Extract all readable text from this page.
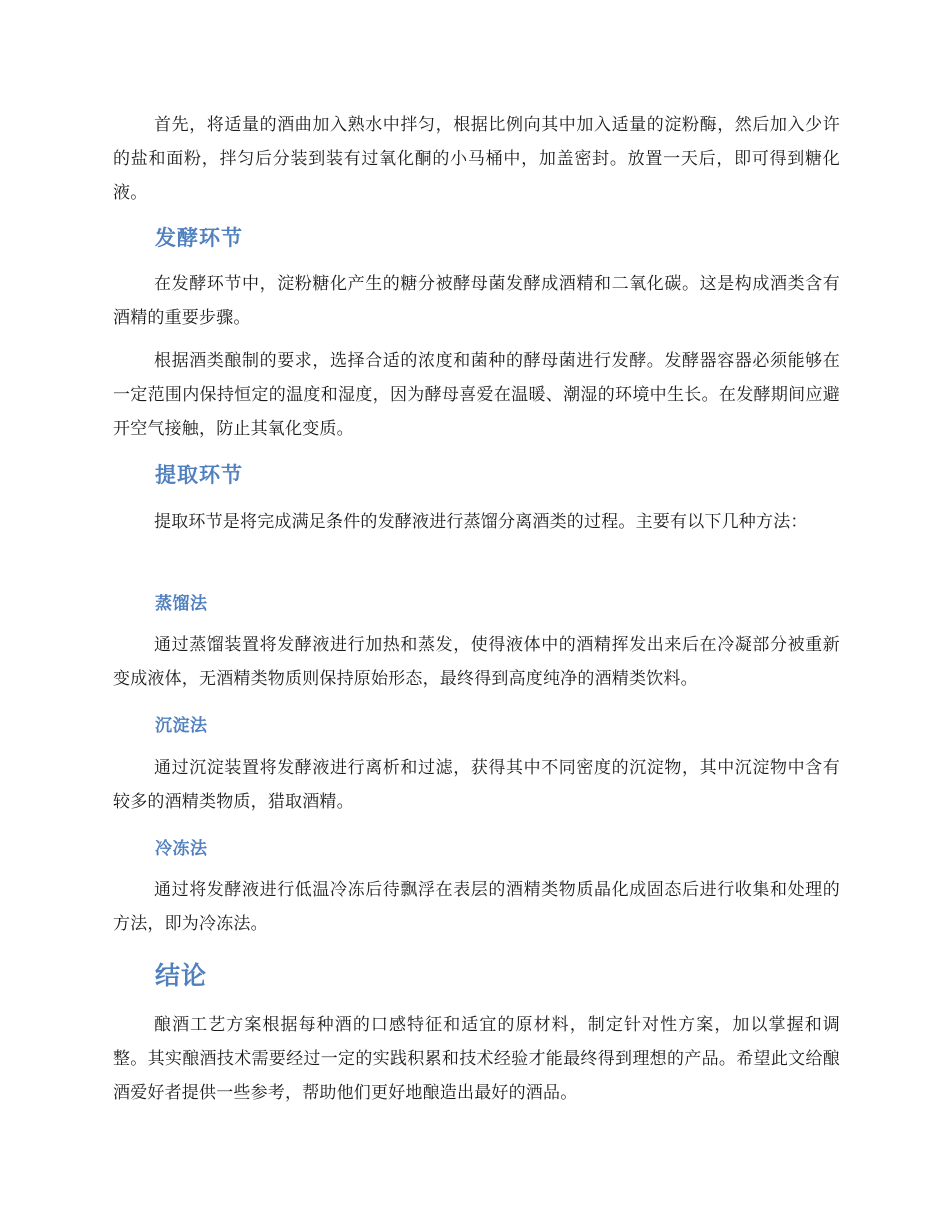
首先，将适量的酒曲加入熟水中拌匀，根据比例向其中加入适量的淀粉酶，然后加入少许的盐和面粉，拌匀后分装到装有过氧化酮的小马桶中，加盖密封。放置一天后，即可得到糖化液。

发酵环节

在发酵环节中，淀粉糖化产生的糖分被酵母菌发酵成酒精和二氧化碳。这是构成酒类含有酒精的重要步骤。

根据酒类酿制的要求，选择合适的浓度和菌种的酵母菌进行发酵。发酵器容器必须能够在一定范围内保持恒定的温度和湿度，因为酵母喜爱在温暖、潮湿的环境中生长。在发酵期间应避开空气接触，防止其氧化变质。

提取环节

提取环节是将完成满足条件的发酵液进行蒸馏分离酒类的过程。主要有以下几种方法：

蒸馏法

通过蒸馏装置将发酵液进行加热和蒸发，使得液体中的酒精挥发出来后在冷凝部分被重新变成液体，无酒精类物质则保持原始形态，最终得到高度纯净的酒精类饮料。

沉淀法

通过沉淀装置将发酵液进行离析和过滤，获得其中不同密度的沉淀物，其中沉淀物中含有较多的酒精类物质，猎取酒精。

冷冻法

通过将发酵液进行低温冷冻后待飘浮在表层的酒精类物质晶化成固态后进行收集和处理的方法，即为冷冻法。

结论

酿酒工艺方案根据每种酒的口感特征和适宜的原材料，制定针对性方案，加以掌握和调整。其实酿酒技术需要经过一定的实践积累和技术经验才能最终得到理想的产品。希望此文给酿酒爱好者提供一些参考，帮助他们更好地酿造出最好的酒品。
